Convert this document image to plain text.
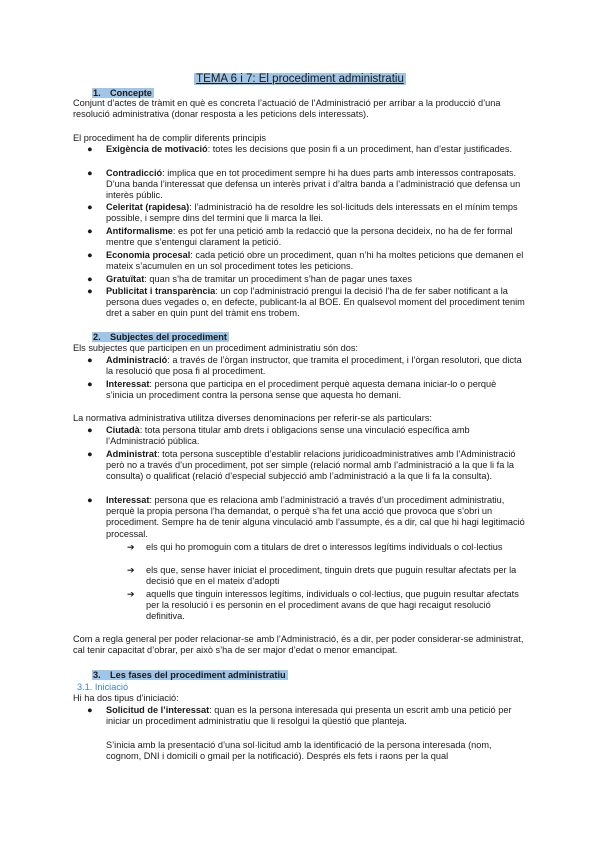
TEMA 6 i 7: El procediment administratiu
1. Concepte
Conjunt d’actes de tràmit en què es concreta l’actuació de l’Administració per arribar a la producció d’una resolució administrativa (donar resposta a les peticions dels interessats).
El procediment ha de complir diferents principis
● Exigència de motivació: totes les decisions que posin fi a un procediment, han d’estar justificades.
● Contradicció: implica que en tot procediment sempre hi ha dues parts amb interessos contraposats. D’una banda l’interessat que defensa un interès privat i d’altra banda a l’administració que defensa un interès públic.
● Celeritat (rapidesa): l’administració ha de resoldre les sol·licituds dels interessats en el mínim temps possible, i sempre dins del termini que li marca la llei.
● Antiformalisme: es pot fer una petició amb la redacció que la persona decideix, no ha de fer formal mentre que s’entengui clarament la petició.
● Economia procesal: cada petició obre un procediment, quan n’hi ha moltes peticions que demanen el mateix s’acumulen en un sol procediment totes les peticions.
● Gratuïtat: quan s’ha de tramitar un procediment s’han de pagar unes taxes
● Publicitat i transparència: un cop l’administració prengui la decisió l’ha de fer saber notificant a la persona dues vegades o, en defecte, publicant-la al BOE. En qualsevol moment del procediment tenim dret a saber en quin punt del tràmit ens trobem.
2. Subjectes del procediment
Els subjectes que participen en un procediment administratiu són dos:
● Administració: a través de l’òrgan instructor, que tramita el procediment, i l’òrgan resolutori, que dicta la resolució que posa fi al procediment.
● Interessat: persona que participa en el procediment perquè aquesta demana iniciar-lo o perquè s’inicia un procediment contra la persona sense que aquesta ho demani.
La normativa administrativa utilitza diverses denominacions per referir-se als particulars:
● Ciutadà: tota persona titular amb drets i obligacions sense una vinculació específica amb l’Administració pública.
● Administrat: tota persona susceptible d’establir relacions juridicoadministratives amb l’Administració però no a través d’un procediment, pot ser simple (relació normal amb l’administració a la que li fa la consulta) o qualificat (relació d’especial subjecció amb l’administració a la que li fa la consulta).
● Interessat: persona que es relaciona amb l’administració a través d’un procediment administratiu, perquè la propia persona l’ha demandat, o perquè s’ha fet una acció que provoca que s’obri un procediment. Sempre ha de tenir alguna vinculació amb l’assumpte, és a dir, cal que hi hagi legitimació processal.
➔ els qui ho promoguin com a titulars de dret o interessos legítims individuals o col·lectius
➔ els que, sense haver iniciat el procediment, tinguin drets que puguin resultar afectats per la decisió que en el mateix d’adopti
➔ aquells que tinguin interessos legítims, individuals o col·lectius, que puguin resultar afectats per la resolució i es personin en el procediment avans de que hagi recaigut resolució definitiva.
Com a regla general per poder relacionar-se amb l’Administració, és a dir, per poder considerar-se administrat, cal tenir capacitat d’obrar, per això s’ha de ser major d’edat o menor emancipat.
3. Les fases del procediment administratiu
3.1. Iniciació
Hi ha dos tipus d’iniciació:
● Solicitud de l’interessat: quan es la persona interesada qui presenta un escrit amb una petició per iniciar un procediment administratiu que li resolgui la qüestió que planteja.
S’inicia amb la presentació d’una sol·licitud amb la identificació de la persona interesada (nom, cognom, DNI i domicili o gmail per la notificació). Després els fets i raons per la qual
